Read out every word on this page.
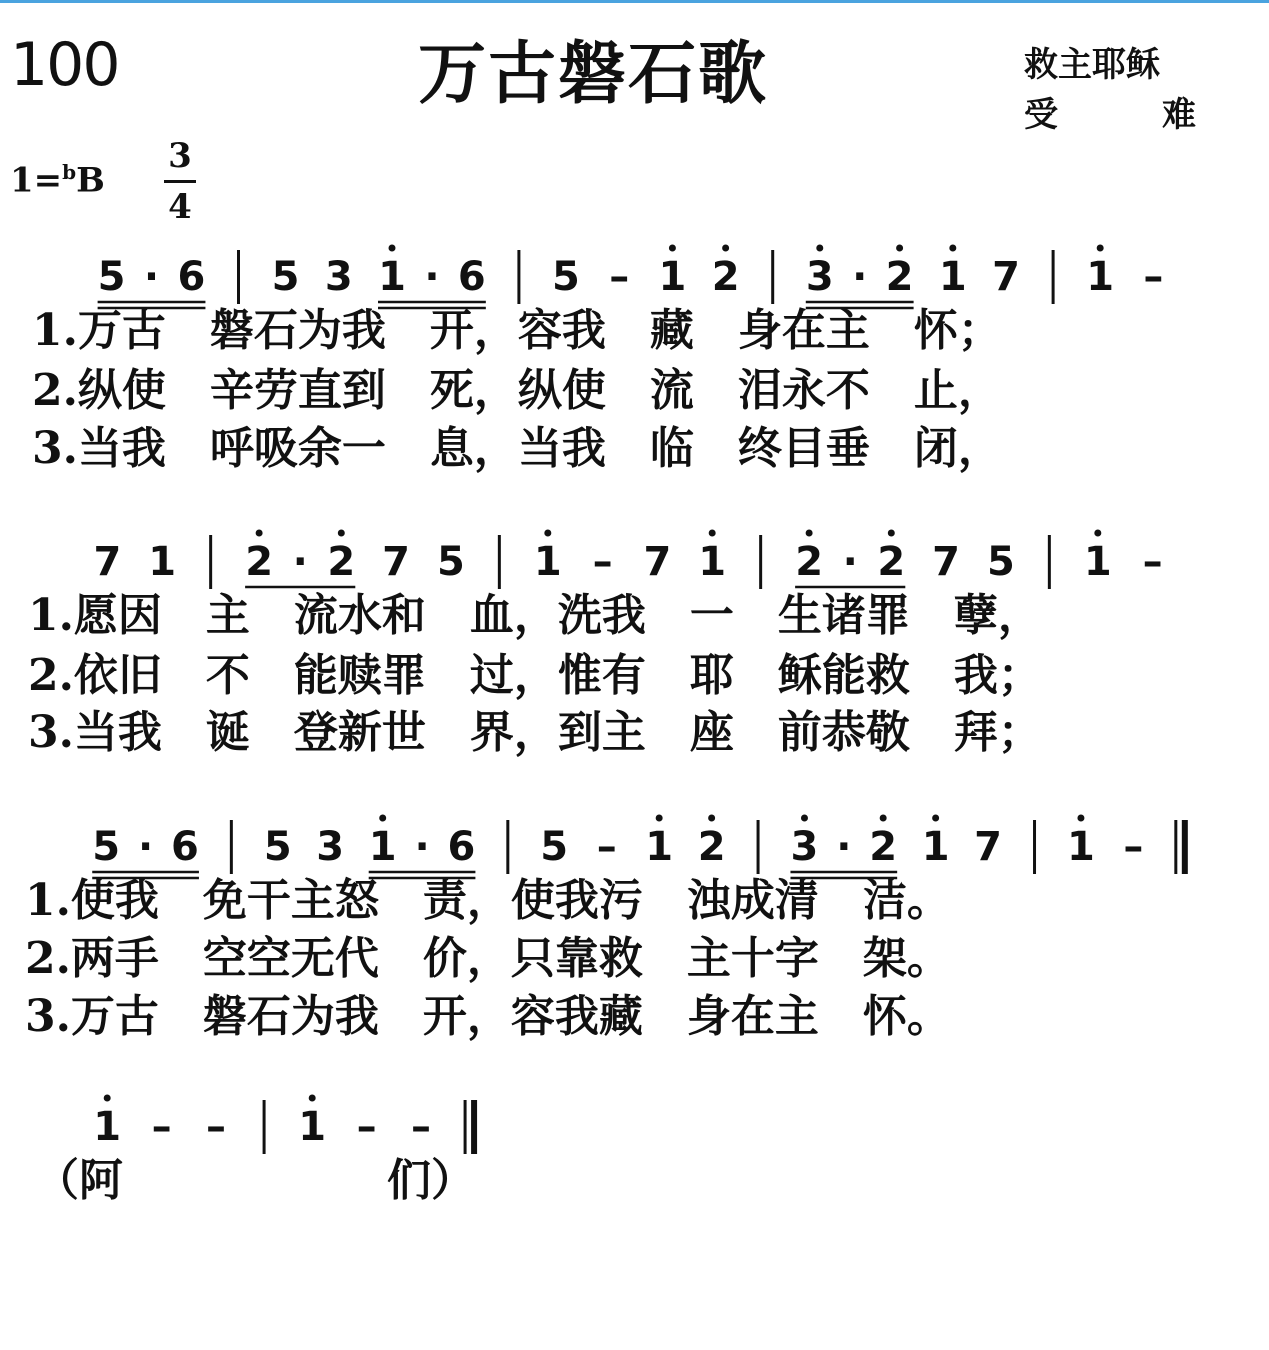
100	万古磐石歌	救主耶稣
受	难
1=$^b$B
3
4
5 · 6 5 3 1 · 6 5 – 1 2 3 · 2 1 7 1 –
7 1 2 · 2 7 5 1 – 7 1 2 · 2 7 5 1 –
5 · 6 5 3 1 · 6 5 – 1 2 3 · 2 1 7 1 –
1 – – 1 – –
1.万古　磐石为我　开，容我　藏　身在主　怀；
2.纵使　辛劳直到　死，纵使　流　泪永不　止，
3.当我　呼吸余一　息，当我　临　终目垂　闭，
1.愿因　主　流水和　血，洗我　一　生诸罪　孽，
2.依旧　不　能赎罪　过，惟有　耶　稣能救　我；
3.当我　诞　登新世　界，到主　座　前恭敬　拜；
1.使我　免干主怒　责，使我污　浊成清　洁。
2.两手　空空无代　价，只靠救　主十字　架。
3.万古　磐石为我　开，容我藏　身在主　怀。
（阿　　　　　　们）
